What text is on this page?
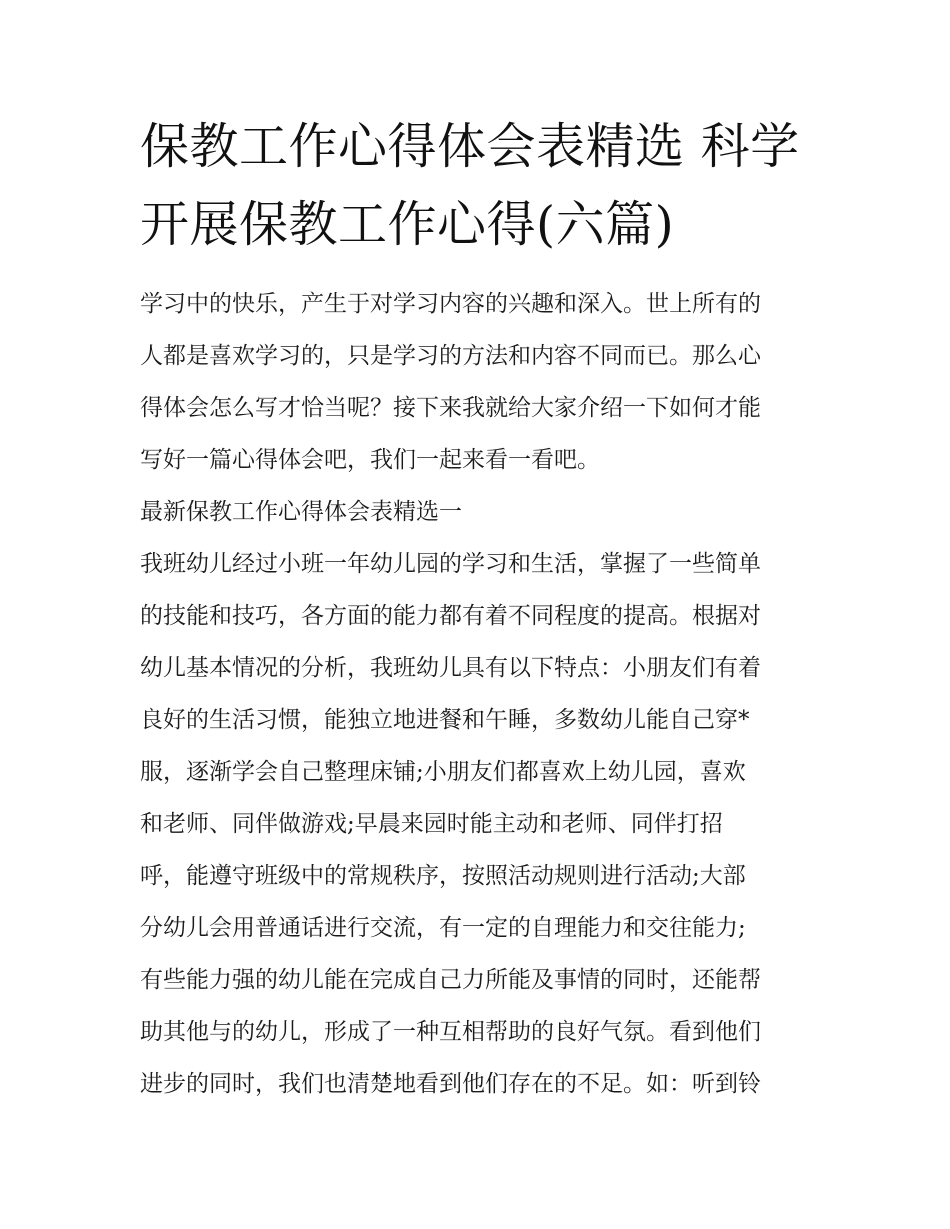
保教工作心得体会表精选 科学
开展保教工作心得(六篇)
学习中的快乐，产生于对学习内容的兴趣和深入。世上所有的
人都是喜欢学习的，只是学习的方法和内容不同而已。那么心
得体会怎么写才恰当呢？接下来我就给大家介绍一下如何才能
写好一篇心得体会吧，我们一起来看一看吧。
最新保教工作心得体会表精选一
我班幼儿经过小班一年幼儿园的学习和生活，掌握了一些简单
的技能和技巧，各方面的能力都有着不同程度的提高。根据对
幼儿基本情况的分析，我班幼儿具有以下特点：小朋友们有着
良好的生活习惯，能独立地进餐和午睡，多数幼儿能自己穿*
服，逐渐学会自己整理床铺;小朋友们都喜欢上幼儿园，喜欢
和老师、同伴做游戏;早晨来园时能主动和老师、同伴打招
呼，能遵守班级中的常规秩序，按照活动规则进行活动;大部
分幼儿会用普通话进行交流，有一定的自理能力和交往能力;
有些能力强的幼儿能在完成自己力所能及事情的同时，还能帮
助其他与的幼儿，形成了一种互相帮助的良好气氛。看到他们
进步的同时，我们也清楚地看到他们存在的不足。如：听到铃
